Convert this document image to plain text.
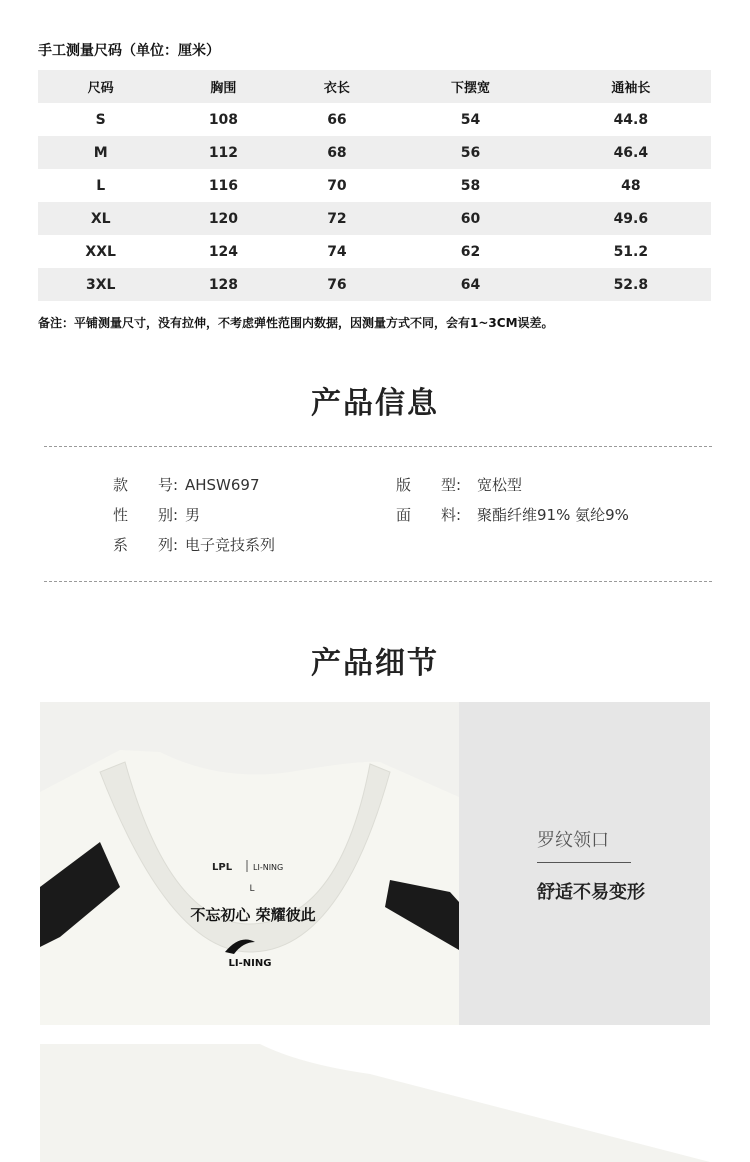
手工测量尺码（单位：厘米）
尺码	胸围	衣长	下摆宽	通袖长
S	108	66	54	44.8
M	112	68	56	46.4
L	116	70	58	48
XL	120	72	60	49.6
XXL	124	74	62	51.2
3XL	128	76	64	52.8
备注：平铺测量尺寸，没有拉伸，不考虑弹性范围内数据，因测量方式不同，会有1~3CM误差。
产品信息
款　　号: AHSW697	版　　型: 宽松型
性　　别: 男	面　　料: 聚酯纤维91% 氨纶9%
系　　列: 电子竞技系列
产品细节
LPL	LI-NING
L
不忘初心 荣耀彼此
LI-NING
罗纹领口
舒适不易变形
